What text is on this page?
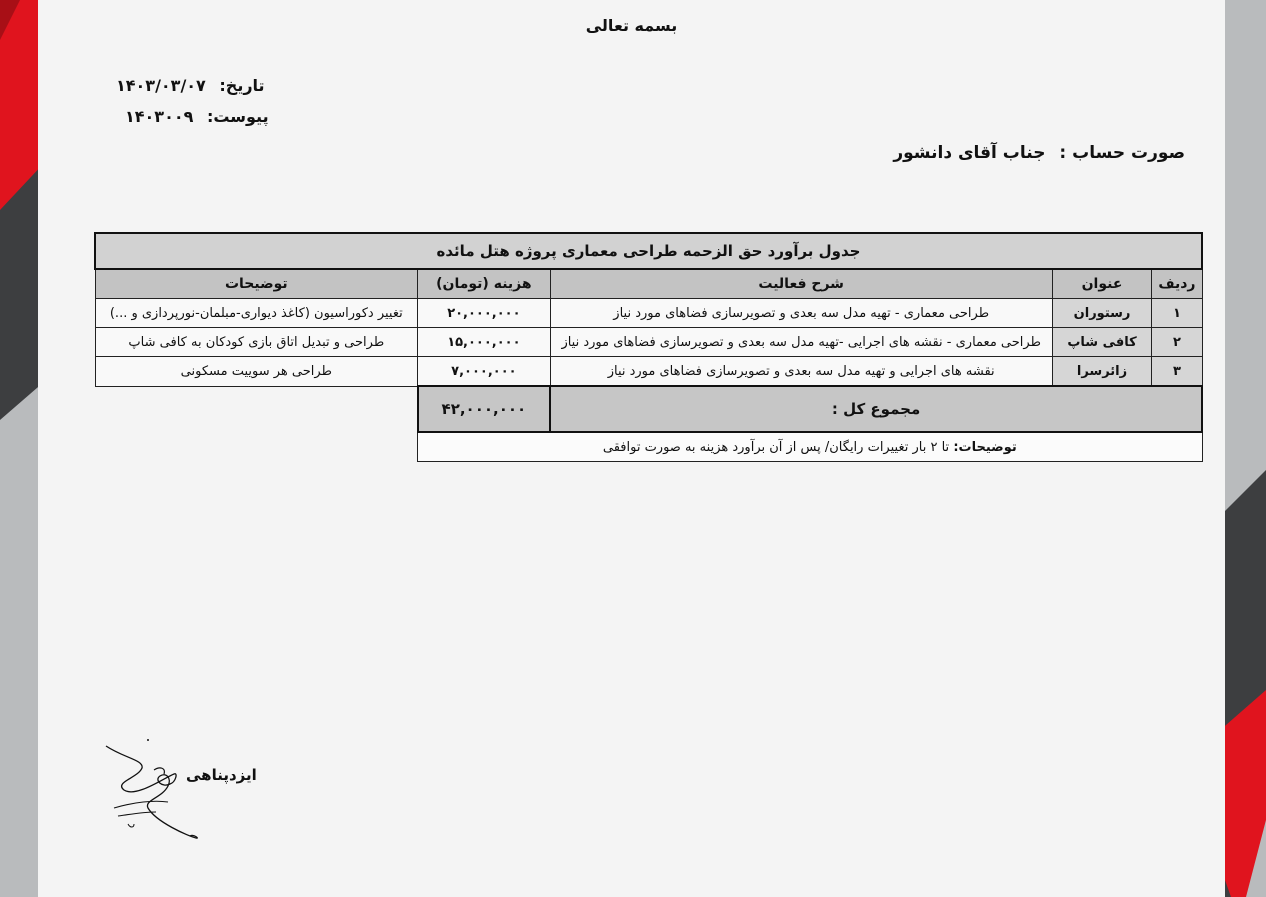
بسمه تعالی
تاریخ: ۱۴۰۳/۰۳/۰۷
پیوست: ۱۴۰۳۰۰۹
صورت حساب : جناب آقای دانشور
جدول برآورد حق الزحمه طراحی معماری پروژه هتل مائده				
ردیف	عنوان	شرح فعالیت	هزینه (تومان)	توضیحات
۱	رستوران	طراحی معماری - تهیه مدل سه بعدی و تصویرسازی فضاهای مورد نیاز	۲۰,۰۰۰,۰۰۰	تغییر دکوراسیون (کاغذ دیواری-مبلمان-نورپردازی و ...)
۲	کافی شاپ	طراحی معماری - نقشه های اجرایی -تهیه مدل سه بعدی و تصویرسازی فضاهای مورد نیاز	۱۵,۰۰۰,۰۰۰	طراحی و تبدیل اتاق بازی کودکان به کافی شاپ
۳	زائرسرا	نقشه های اجرایی و تهیه مدل سه بعدی و تصویرسازی فضاهای مورد نیاز	۷,۰۰۰,۰۰۰	طراحی هر سوییت مسکونی
مجموع کل :			۴۲,۰۰۰,۰۰۰	
توضیحات: تا ۲ بار تغییرات رایگان/ پس از آن برآورد هزینه به صورت توافقی				
ایزدپناهی
